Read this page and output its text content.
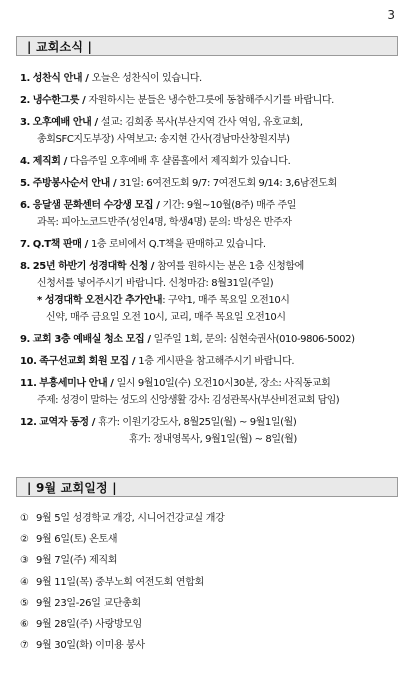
3
| 교회소식 |
1. 성찬식 안내 / 오늘은 성찬식이 있습니다.
2. 냉수한그릇 / 자원하시는 분들은 냉수한그릇에 동참해주시기를 바랍니다.
3. 오후예배 안내 / 설교: 김희종 목사(부산지역 간사 역임, 유호교회,
총회SFC지도부장) 사역보고: 송지현 간사(경남마산창원지부)
4. 제직회 / 다음주일 오후예배 후 샬롬홀에서 제직회가 있습니다.
5. 주방봉사순서 안내 / 31일: 6여전도회 9/7: 7여전도회 9/14: 3,6남전도회
6. 응달샘 문화센터 수강생 모집 / 기간: 9월~10월(8주) 매주 주일
과목: 피아노코드반주(성인4명, 학생4명) 문의: 박성은 반주자
7. Q.T책 판매 / 1층 로비에서 Q.T책을 판매하고 있습니다.
8. 25년 하반기 성경대학 신청 / 참여를 원하시는 분은 1층 신청함에
신청서를 넣어주시기 바랍니다. 신청마감: 8월31일(주일)
* 성경대학 오전시간 추가안내: 구약1, 매주 목요일 오전10시
신약, 매주 금요일 오전 10시, 교리, 매주 목요일 오전10시
9. 교회 3층 예배실 청소 모집 / 일주일 1회, 문의: 심현숙권사(010-9806-5002)
10. 족구선교회 회원 모집 / 1층 게시판을 참고해주시기 바랍니다.
11. 부흥세미나 안내 / 일시 9월10일(수) 오전10시30분, 장소: 사직동교회
주제: 성경이 말하는 성도의 신앙생활 강사: 김성관목사(부산비전교회 담임)
12. 교역자 동정 / 휴가: 이원기강도사, 8월25일(월) ~ 9월1일(월)
휴가: 정내영목사, 9월1일(월) ~ 8일(월)
| 9월 교회일정 |
① 9월 5일 성경학교 개강, 시니어건강교실 개강
② 9월 6일(토) 온토새
③ 9월 7일(주) 제직회
④ 9월 11일(목) 중부노회 여전도회 연합회
⑤ 9월 23일-26일 교단총회
⑥ 9월 28일(주) 사랑방모임
⑦ 9월 30일(화) 이미용 봉사
